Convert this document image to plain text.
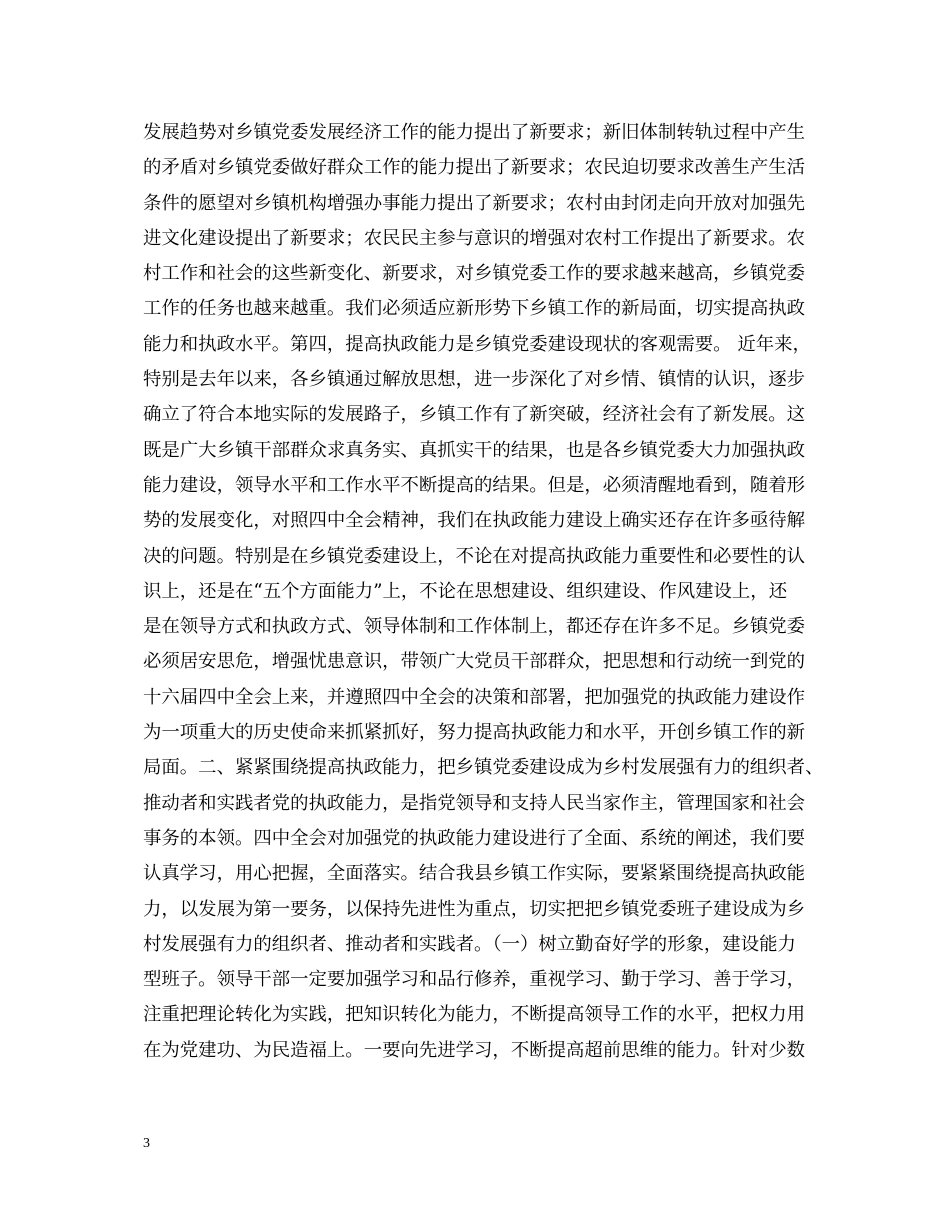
发展趋势对乡镇党委发展经济工作的能力提出了新要求；新旧体制转轨过程中产生
的矛盾对乡镇党委做好群众工作的能力提出了新要求；农民迫切要求改善生产生活
条件的愿望对乡镇机构增强办事能力提出了新要求；农村由封闭走向开放对加强先
进文化建设提出了新要求；农民民主参与意识的增强对农村工作提出了新要求。农
村工作和社会的这些新变化、新要求，对乡镇党委工作的要求越来越高，乡镇党委
工作的任务也越来越重。我们必须适应新形势下乡镇工作的新局面，切实提高执政
能力和执政水平。第四，提高执政能力是乡镇党委建设现状的客观需要。 近年来，
特别是去年以来，各乡镇通过解放思想，进一步深化了对乡情、镇情的认识，逐步
确立了符合本地实际的发展路子，乡镇工作有了新突破，经济社会有了新发展。这
既是广大乡镇干部群众求真务实、真抓实干的结果，也是各乡镇党委大力加强执政
能力建设，领导水平和工作水平不断提高的结果。但是，必须清醒地看到，随着形
势的发展变化，对照四中全会精神，我们在执政能力建设上确实还存在许多亟待解
决的问题。特别是在乡镇党委建设上，不论在对提高执政能力重要性和必要性的认
识上，还是在“五个方面能力”上，不论在思想建设、组织建设、作风建设上，还
是在领导方式和执政方式、领导体制和工作体制上，都还存在许多不足。乡镇党委
必须居安思危，增强忧患意识，带领广大党员干部群众，把思想和行动统一到党的
十六届四中全会上来，并遵照四中全会的决策和部署，把加强党的执政能力建设作
为一项重大的历史使命来抓紧抓好，努力提高执政能力和水平，开创乡镇工作的新
局面。二、紧紧围绕提高执政能力，把乡镇党委建设成为乡村发展强有力的组织者、
推动者和实践者党的执政能力，是指党领导和支持人民当家作主，管理国家和社会
事务的本领。四中全会对加强党的执政能力建设进行了全面、系统的阐述，我们要
认真学习，用心把握，全面落实。结合我县乡镇工作实际，要紧紧围绕提高执政能
力，以发展为第一要务，以保持先进性为重点，切实把把乡镇党委班子建设成为乡
村发展强有力的组织者、推动者和实践者。（一）树立勤奋好学的形象，建设能力
型班子。领导干部一定要加强学习和品行修养，重视学习、勤于学习、善于学习，
注重把理论转化为实践，把知识转化为能力，不断提高领导工作的水平，把权力用
在为党建功、为民造福上。一要向先进学习，不断提高超前思维的能力。针对少数
3
